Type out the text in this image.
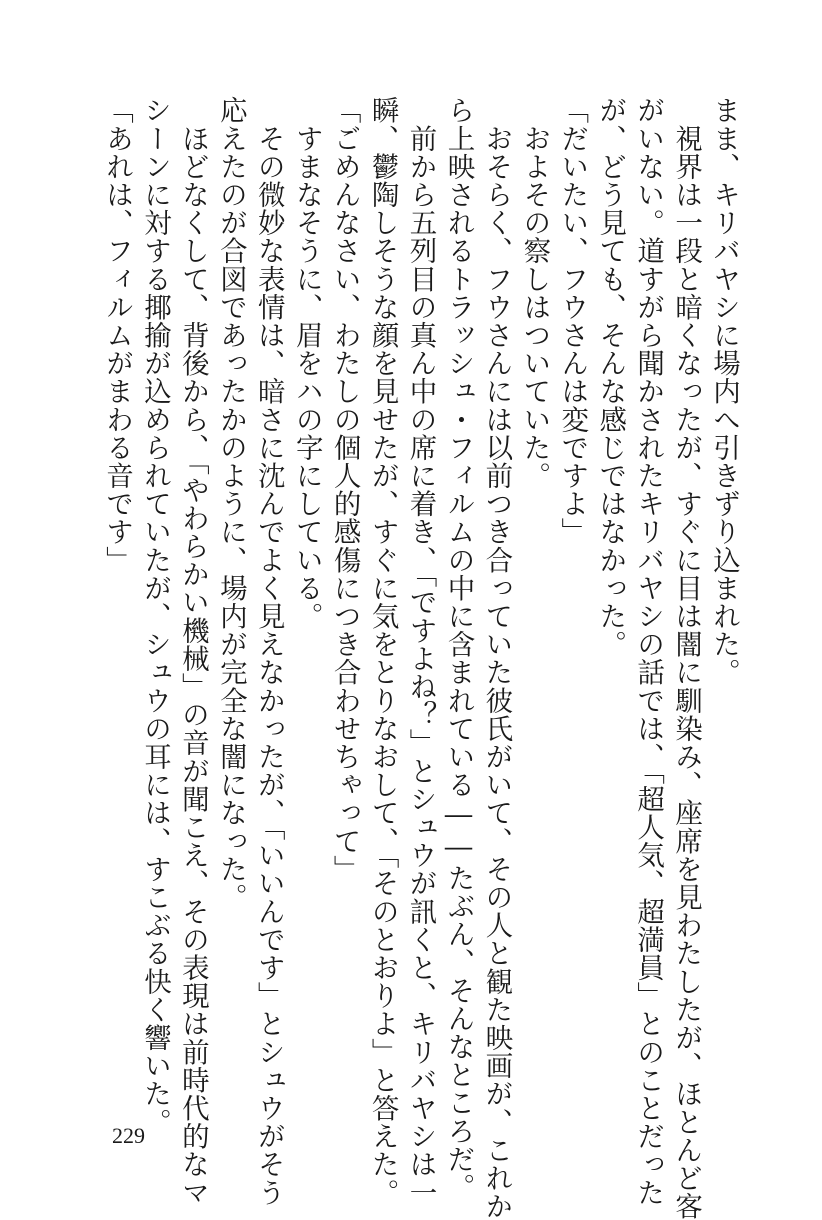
まま、キリバヤシに場内へ引きずり込まれた。
　視界は一段と暗くなったが、すぐに目は闇に馴染み、座席を見わたしたが、ほとんど客
がいない。道すがら聞かされたキリバヤシの話では、「超人気、超満員」とのことだった
が、どう見ても、そんな感じではなかった。
「だいたい、フウさんは変ですよ」
　およその察しはついていた。
　おそらく、フウさんには以前つき合っていた彼氏がいて、その人と観た映画が、これか
ら上映されるトラッシュ・フィルムの中に含まれている――たぶん、そんなところだ。
　前から五列目の真ん中の席に着き、「ですよね？」とシュウが訊くと、キリバヤシは一
瞬、鬱陶しそうな顔を見せたが、すぐに気をとりなおして、「そのとおりよ」と答えた。
「ごめんなさい、わたしの個人的感傷につき合わせちゃって」
　すまなそうに、眉をハの字にしている。
　その微妙な表情は、暗さに沈んでよく見えなかったが、「いいんです」とシュウがそう
応えたのが合図であったかのように、場内が完全な闇になった。
　ほどなくして、背後から、「やわらかい機械」の音が聞こえ、その表現は前時代的なマ
シーンに対する揶揄が込められていたが、シュウの耳には、すこぶる快く響いた。
「あれは、フィルムがまわる音です」
229
